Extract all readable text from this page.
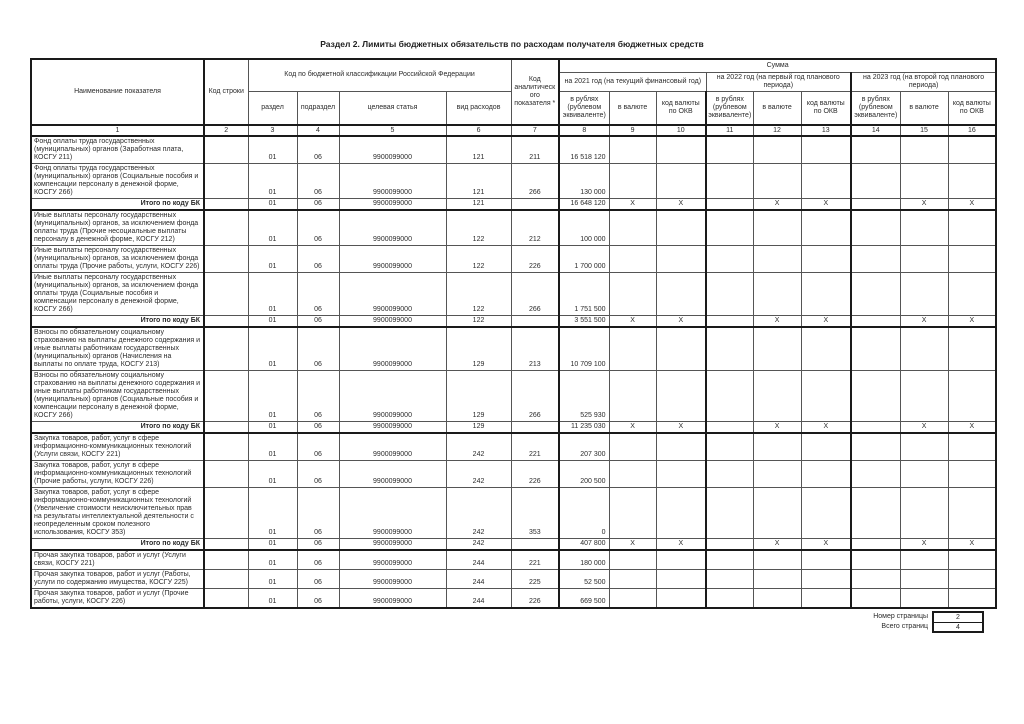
Раздел 2. Лимиты бюджетных обязательств по расходам получателя бюджетных средств
Наименование показателя	Код строки	Код по бюджетной классификации Российской Федерации				Код аналитического показателя *	Сумма								
							на 2021 год (на текущий финансовый год)			на 2022 год (на первый год планового периода)			на 2023 год (на второй год планового периода)		
		раздел	подраздел	целевая статья	вид расходов		в рублях (рублевом эквиваленте)	в валюте	код валюты по ОКВ	в рублях (рублевом эквиваленте)	в валюте	код валюты по ОКВ	в рублях (рублевом эквиваленте)	в валюте	код валюты по ОКВ
1	2	3	4	5	6	7	8	9	10	11	12	13	14	15	16
Фонд оплаты труда государственных (муниципальных) органов (Заработная плата, КОСГУ 211)		01	06	9900099000	121	211	16 518 120								
Фонд оплаты труда государственных (муниципальных) органов (Социальные пособия и компенсации персоналу в денежной форме, КОСГУ 266)		01	06	9900099000	121	266	130 000								
Итого по коду БК		01	06	9900099000	121		16 648 120	X	X		X	X		X	X
Иные выплаты персоналу государственных (муниципальных) органов, за исключением фонда оплаты труда (Прочие несоциальные выплаты персоналу в денежной форме, КОСГУ 212)		01	06	9900099000	122	212	100 000								
Иные выплаты персоналу государственных (муниципальных) органов, за исключением фонда оплаты труда (Прочие работы, услуги, КОСГУ 226)		01	06	9900099000	122	226	1 700 000								
Иные выплаты персоналу государственных (муниципальных) органов, за исключением фонда оплаты труда (Социальные пособия и компенсации персоналу в денежной форме, КОСГУ 266)		01	06	9900099000	122	266	1 751 500								
Итого по коду БК		01	06	9900099000	122		3 551 500	X	X		X	X		X	X
Взносы по обязательному социальному страхованию на выплаты денежного содержания и иные выплаты работникам государственных (муниципальных) органов (Начисления на выплаты по оплате труда, КОСГУ 213)		01	06	9900099000	129	213	10 709 100								
Взносы по обязательному социальному страхованию на выплаты денежного содержания и иные выплаты работникам государственных (муниципальных) органов (Социальные пособия и компенсации персоналу в денежной форме, КОСГУ 266)		01	06	9900099000	129	266	525 930								
Итого по коду БК		01	06	9900099000	129		11 235 030	X	X		X	X		X	X
Закупка товаров, работ, услуг в сфере информационно-коммуникационных технологий (Услуги связи, КОСГУ 221)		01	06	9900099000	242	221	207 300								
Закупка товаров, работ, услуг в сфере информационно-коммуникационных технологий (Прочие работы, услуги, КОСГУ 226)		01	06	9900099000	242	226	200 500								
Закупка товаров, работ, услуг в сфере информационно-коммуникационных технологий (Увеличение стоимости неисключительных прав на результаты интеллектуальной деятельности с неопределенным сроком полезного использования, КОСГУ 353)		01	06	9900099000	242	353	0								
Итого по коду БК		01	06	9900099000	242		407 800	X	X		X	X		X	X
Прочая закупка товаров, работ и услуг (Услуги связи, КОСГУ 221)		01	06	9900099000	244	221	180 000								
Прочая закупка товаров, работ и услуг (Работы, услуги по содержанию имущества, КОСГУ 225)		01	06	9900099000	244	225	52 500								
Прочая закупка товаров, работ и услуг (Прочие работы, услуги, КОСГУ 226)		01	06	9900099000	244	226	669 500								
Номер страницы
Всего страниц
2
4
